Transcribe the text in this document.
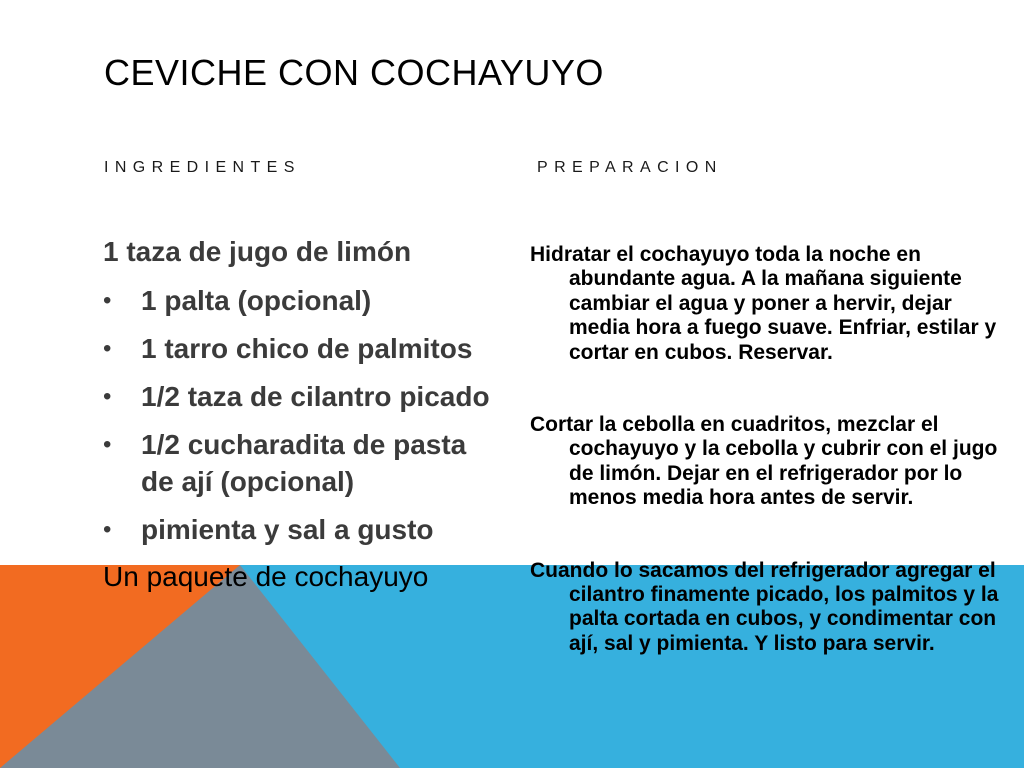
CEVICHE CON COCHAYUYO
INGREDIENTES	PREPARACION

1 taza de jugo de limón

• 1 palta (opcional)
• 1 tarro chico de palmitos
• 1/2 taza de cilantro picado
• 1/2 cucharadita de pasta de ají (opcional)
• pimienta y sal a gusto

Un paquete de cochayuyo

Hidratar el cochayuyo toda la noche en abundante agua. A la mañana siguiente cambiar el agua y poner a hervir, dejar media hora a fuego suave. Enfriar, estilar y cortar en cubos. Reservar.

Cortar la cebolla en cuadritos, mezclar el cochayuyo y la cebolla y cubrir con el jugo de limón. Dejar en el refrigerador por lo menos media hora antes de servir.

Cuando lo sacamos del refrigerador agregar el cilantro finamente picado, los palmitos y la palta cortada en cubos, y condimentar con ají, sal y pimienta. Y listo para servir.
